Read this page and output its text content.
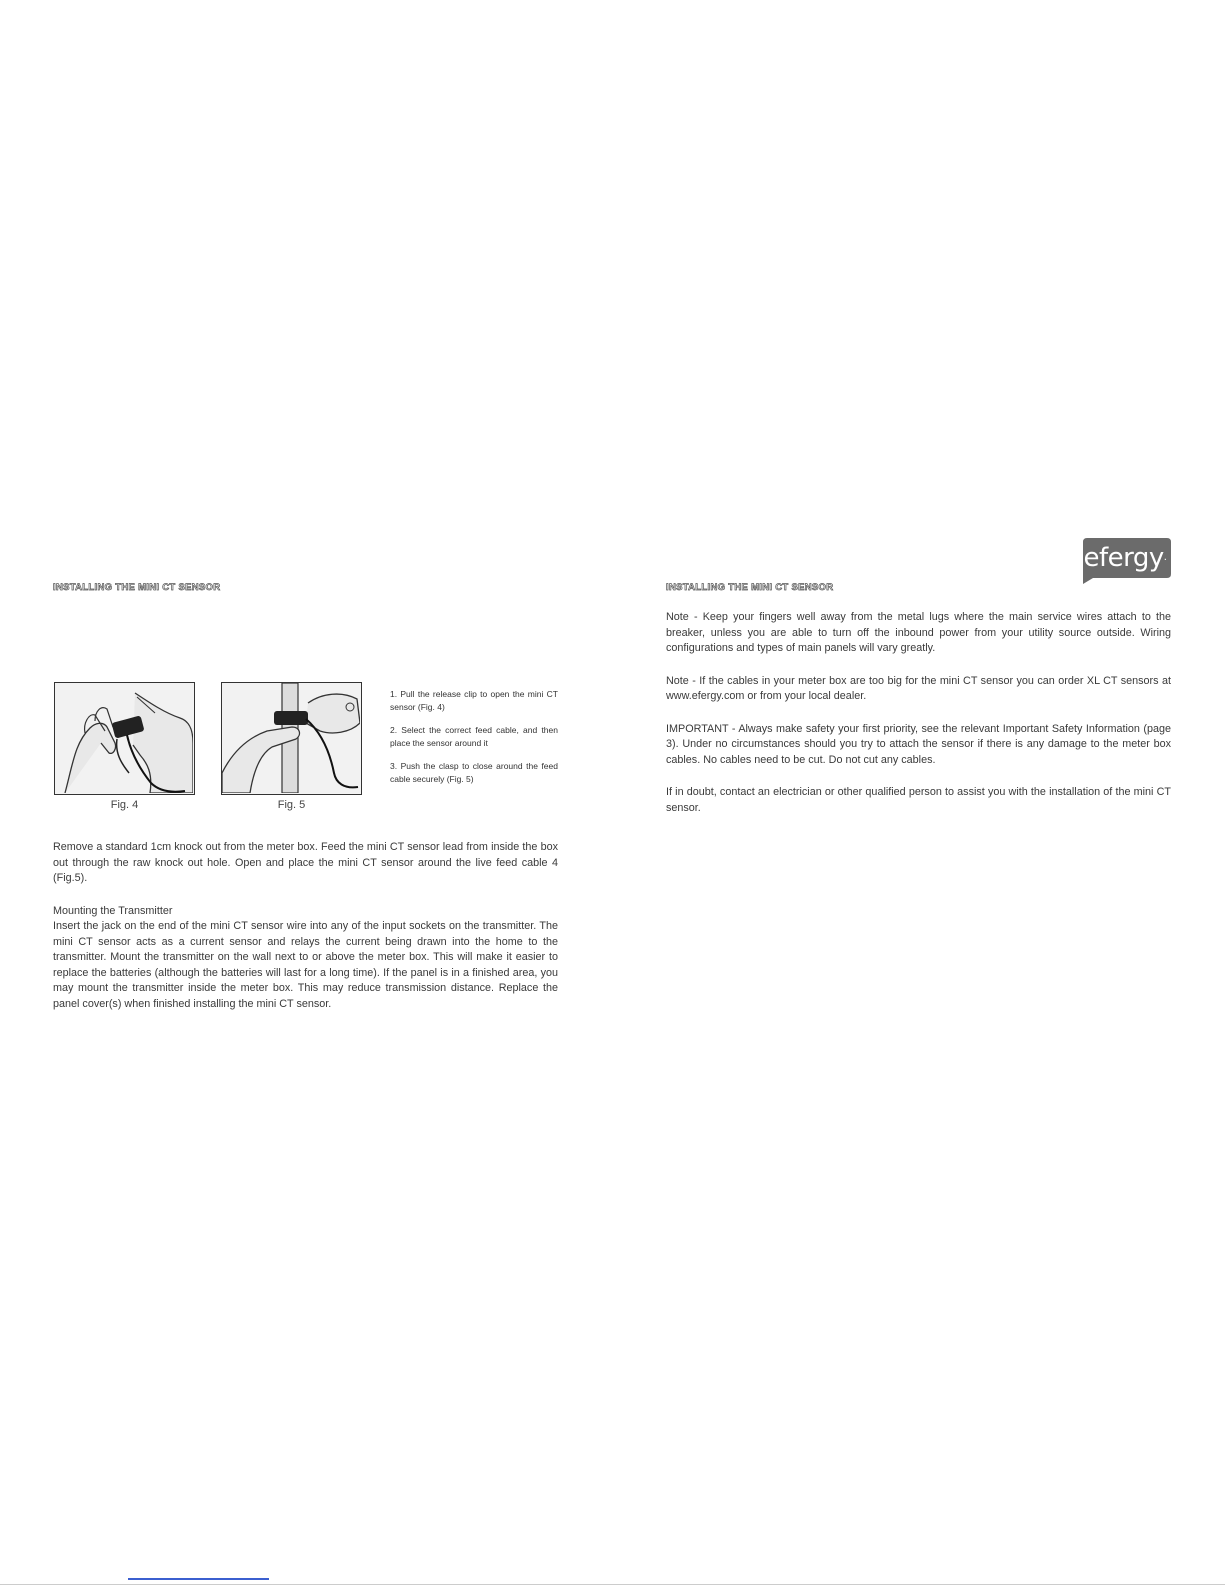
INSTALLING THE MINI CT SENSOR
Fig. 4	Fig. 5

1. Pull the release clip to open the mini CT sensor (Fig. 4)

2. Select the correct feed cable, and then place the sensor around it

3. Push the clasp to close around the feed cable securely (Fig. 5)

Remove a standard 1cm knock out from the meter box. Feed the mini CT sensor lead from inside the box out through the raw knock out hole. Open and place the mini CT sensor around the live feed cable 4 (Fig.5).

Mounting the Transmitter

Insert the jack on the end of the mini CT sensor wire into any of the input sockets on the transmitter. The mini CT sensor acts as a current sensor and relays the current being drawn into the home to the transmitter. Mount the transmitter on the wall next to or above the meter box. This will make it easier to replace the batteries (although the batteries will last for a long time). If the panel is in a finished area, you may mount the transmitter inside the meter box. This may reduce transmission distance. Replace the panel cover(s) when finished installing the mini CT sensor.

efergy.
INSTALLING THE MINI CT SENSOR

Note - Keep your fingers well away from the metal lugs where the main service wires attach to the breaker, unless you are able to turn off the inbound power from your utility source outside. Wiring configurations and types of main panels will vary greatly.

Note - If the cables in your meter box are too big for the mini CT sensor you can order XL CT sensors at www.efergy.com or from your local dealer.

IMPORTANT - Always make safety your first priority, see the relevant Important Safety Information (page 3). Under no circumstances should you try to attach the sensor if there is any damage to the meter box cables. No cables need to be cut. Do not cut any cables.

If in doubt, contact an electrician or other qualified person to assist you with the installation of the mini CT sensor.
